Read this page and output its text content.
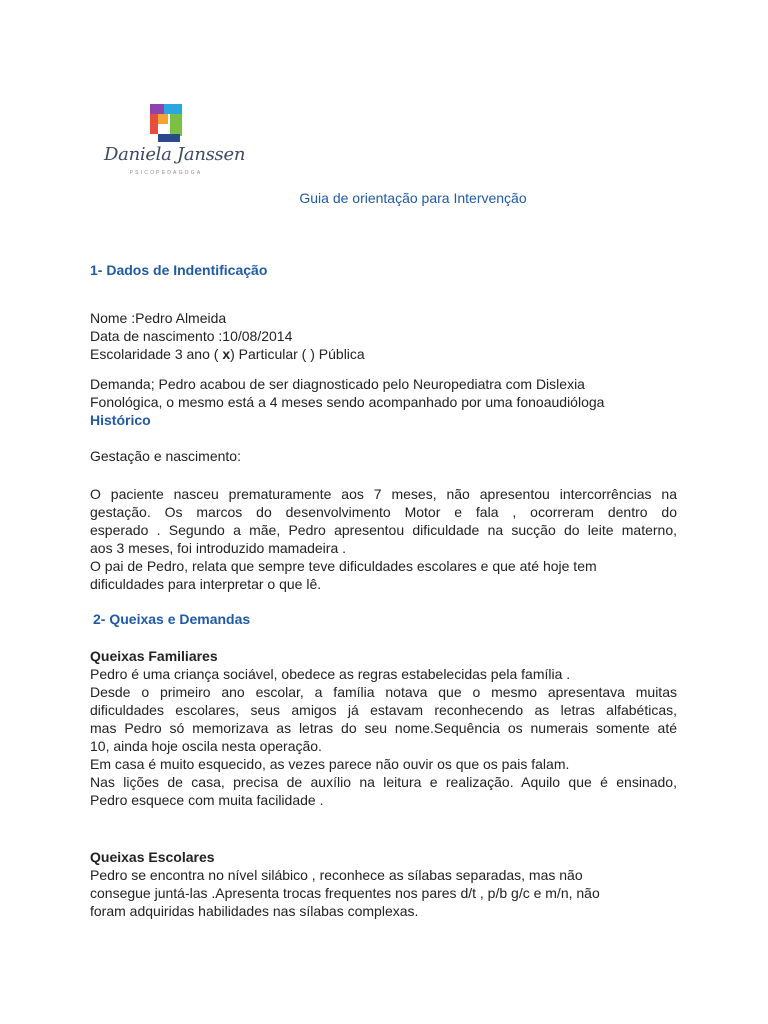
Daniela Janssen
PSICOPEDAGOGA
Guia de orientação para Intervenção
1- Dados de Indentificação
Nome :Pedro Almeida
Data de nascimento :10/08/2014
Escolaridade 3 ano ( x) Particular ( ) Pública
Demanda; Pedro acabou de ser diagnosticado pelo Neuropediatra com Dislexia
Fonológica, o mesmo está a 4 meses sendo acompanhado por uma fonoaudióloga
Histórico
Gestação e nascimento:
O paciente nasceu prematuramente aos 7 meses, não apresentou intercorrências na
gestação. Os marcos do desenvolvimento Motor e fala , ocorreram dentro do
esperado . Segundo a mãe, Pedro apresentou dificuldade na sucção do leite materno,
aos 3 meses, foi introduzido mamadeira .
O pai de Pedro, relata que sempre teve dificuldades escolares e que até hoje tem
dificuldades para interpretar o que lê.
2- Queixas e Demandas
Queixas Familiares
Pedro é uma criança sociável, obedece as regras estabelecidas pela família .
Desde o primeiro ano escolar, a família notava que o mesmo apresentava muitas
dificuldades escolares, seus amigos já estavam reconhecendo as letras alfabéticas,
mas Pedro só memorizava as letras do seu nome.Sequência os numerais somente até
10, ainda hoje oscila nesta operação.
Em casa é muito esquecido, as vezes parece não ouvir os que os pais falam.
Nas lições de casa, precisa de auxílio na leitura e realização. Aquilo que é ensinado,
Pedro esquece com muita facilidade .
Queixas Escolares
Pedro se encontra no nível silábico , reconhece as sílabas separadas, mas não
consegue juntá-las .Apresenta trocas frequentes nos pares d/t , p/b g/c e m/n, não
foram adquiridas habilidades nas sílabas complexas.
